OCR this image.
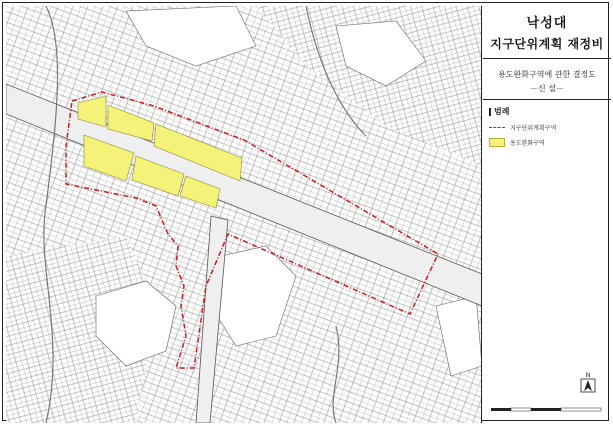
낙성대
지구단위계획 재정비
용도완화구역에 관한 결정도
－신 설－
범례
지구단위계획구역
용도완화구역
N
